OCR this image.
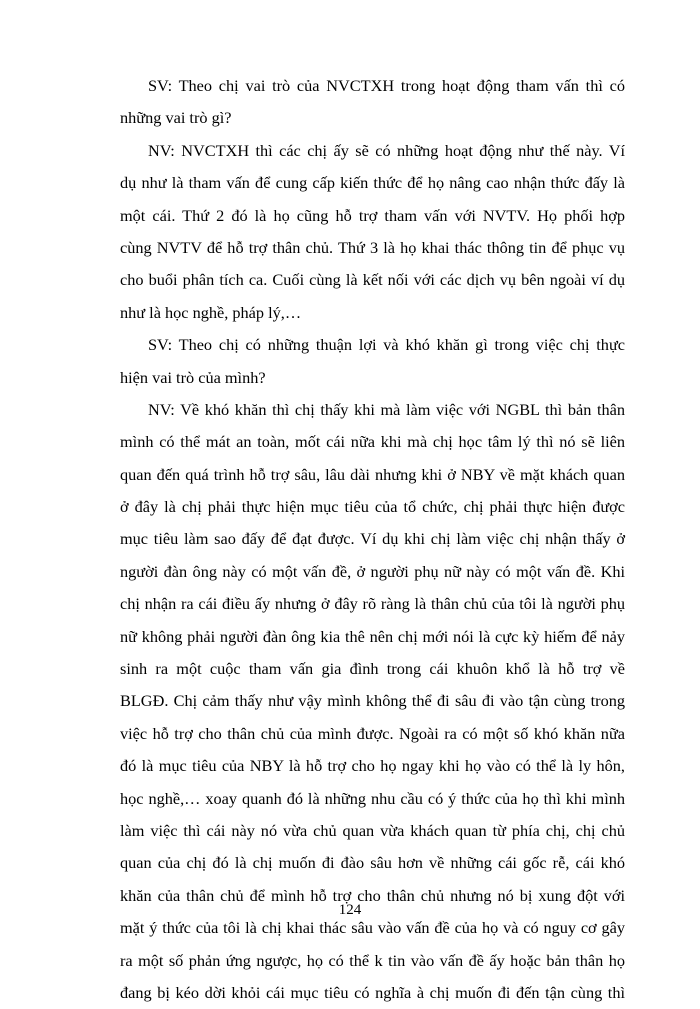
SV: Theo chị vai trò của NVCTXH trong hoạt động tham vấn thì có
những vai trò gì?
NV: NVCTXH thì các chị ấy sẽ có những hoạt động như thế này. Ví
dụ như là tham vấn để cung cấp kiến thức để họ nâng cao nhận thức đấy là
một cái. Thứ 2 đó là họ cũng hỗ trợ tham vấn với NVTV. Họ phối hợp
cùng NVTV để hỗ trợ thân chủ. Thứ 3 là họ khai thác thông tin để phục vụ
cho buổi phân tích ca. Cuối cùng là kết nối với các dịch vụ bên ngoài ví dụ
như là học nghề, pháp lý,…
SV: Theo chị có những thuận lợi và khó khăn gì trong việc chị thực
hiện vai trò của mình?
NV: Về khó khăn thì chị thấy khi mà làm việc với NGBL thì bản thân
mình có thể mát an toàn, mốt cái nữa khi mà chị học tâm lý thì nó sẽ liên
quan đến quá trình hỗ trợ sâu, lâu dài nhưng khi ở NBY về mặt khách quan
ở đây là chị phải thực hiện mục tiêu của tổ chức, chị phải thực hiện được
mục tiêu làm sao đấy để đạt được. Ví dụ khi chị làm việc chị nhận thấy ở
người đàn ông này có một vấn đề, ở người phụ nữ này có một vấn đề. Khi
chị nhận ra cái điều ấy nhưng ở đây rõ ràng là thân chủ của tôi là người phụ
nữ không phải người đàn ông kia thê nên chị mới nói là cực kỳ hiếm để nảy
sinh ra một cuộc tham vấn gia đình trong cái khuôn khổ là hỗ trợ về
BLGĐ. Chị cảm thấy như vậy mình không thể đi sâu đi vào tận cùng trong
việc hỗ trợ cho thân chủ của mình được. Ngoài ra có một số khó khăn nữa
đó là mục tiêu của NBY là hỗ trợ cho họ ngay khi họ vào có thể là ly hôn,
học nghề,… xoay quanh đó là những nhu cầu có ý thức của họ thì khi mình
làm việc thì cái này nó vừa chủ quan vừa khách quan từ phía chị, chị chủ
quan của chị đó là chị muốn đi đào sâu hơn về những cái gốc rễ, cái khó
khăn của thân chủ để mình hỗ trợ cho thân chủ nhưng nó bị xung đột với
mặt ý thức của tôi là chị khai thác sâu vào vấn đề của họ và có nguy cơ gây
ra một số phản ứng ngược, họ có thể k tin vào vấn đề ấy hoặc bản thân họ
đang bị kéo dời khỏi cái mục tiêu có nghĩa à chị muốn đi đến tận cùng thì
124
